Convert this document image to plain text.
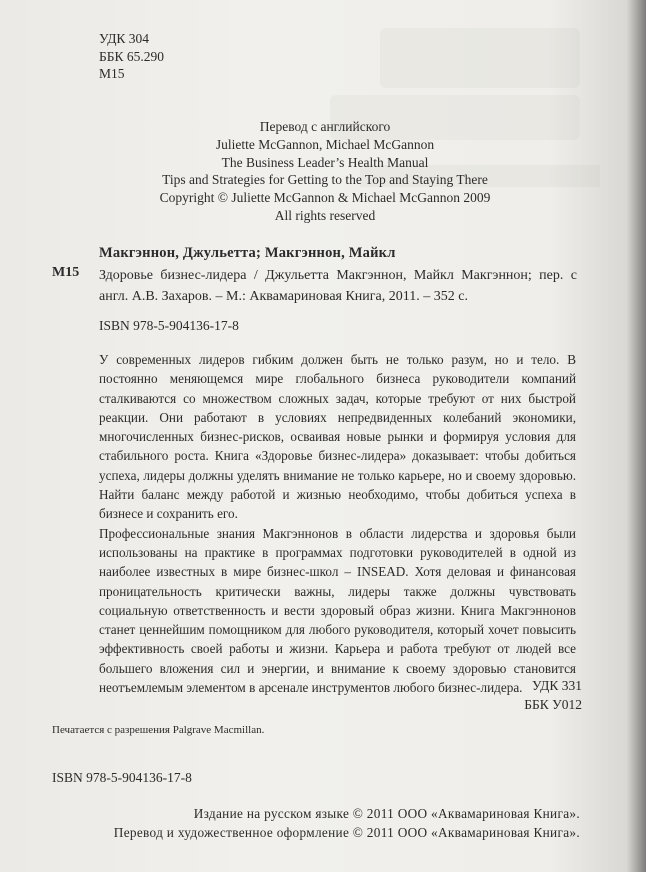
УДК 304
ББК 65.290
М15
Перевод с английского
Juliette McGannon, Michael McGannon
The Business Leader’s Health Manual
Tips and Strategies for Getting to the Top and Staying There
Copyright © Juliette McGannon & Michael McGannon 2009
All rights reserved
Макгэннон, Джульетта; Макгэннон, Майкл
М15 Здоровье бизнес-лидера / Джульетта Макгэннон, Майкл Макгэннон; пер. с англ. А.В. Захаров. – М.: Аквамариновая Книга, 2011. – 352 с.
ISBN 978-5-904136-17-8

У современных лидеров гибким должен быть не только разум, но и тело. В постоянно меняющемся мире глобального бизнеса руководители компаний сталкиваются со множеством сложных задач, которые требуют от них быстрой реакции. Они работают в условиях непредвиденных колебаний экономики, многочисленных бизнес-рисков, осваивая новые рынки и формируя условия для стабильного роста. Книга «Здоровье бизнес-лидера» доказывает: чтобы добиться успеха, лидеры должны уделять внимание не только карьере, но и своему здоровью. Найти баланс между работой и жизнью необходимо, чтобы добиться успеха в бизнесе и сохранить его.

Профессиональные знания Макгэннонов в области лидерства и здоровья были использованы на практике в программах подготовки руководителей в одной из наиболее известных в мире бизнес-школ – INSEAD. Хотя деловая и финансовая проницательность критически важны, лидеры также должны чувствовать социальную ответственность и вести здоровый образ жизни. Книга Макгэннонов станет ценнейшим помощником для любого руководителя, который хочет повысить эффективность своей работы и жизни. Карьера и работа требуют от людей все большего вложения сил и энергии, и внимание к своему здоровью становится неотъемлемым элементом в арсенале инструментов любого бизнес-лидера. УДК 331
ББК У012
Печатается с разрешения Palgrave Macmillan.
ISBN 978-5-904136-17-8
Издание на русском языке © 2011 ООО «Аквамариновая Книга».
Перевод и художественное оформление © 2011 ООО «Аквамариновая Книга».
